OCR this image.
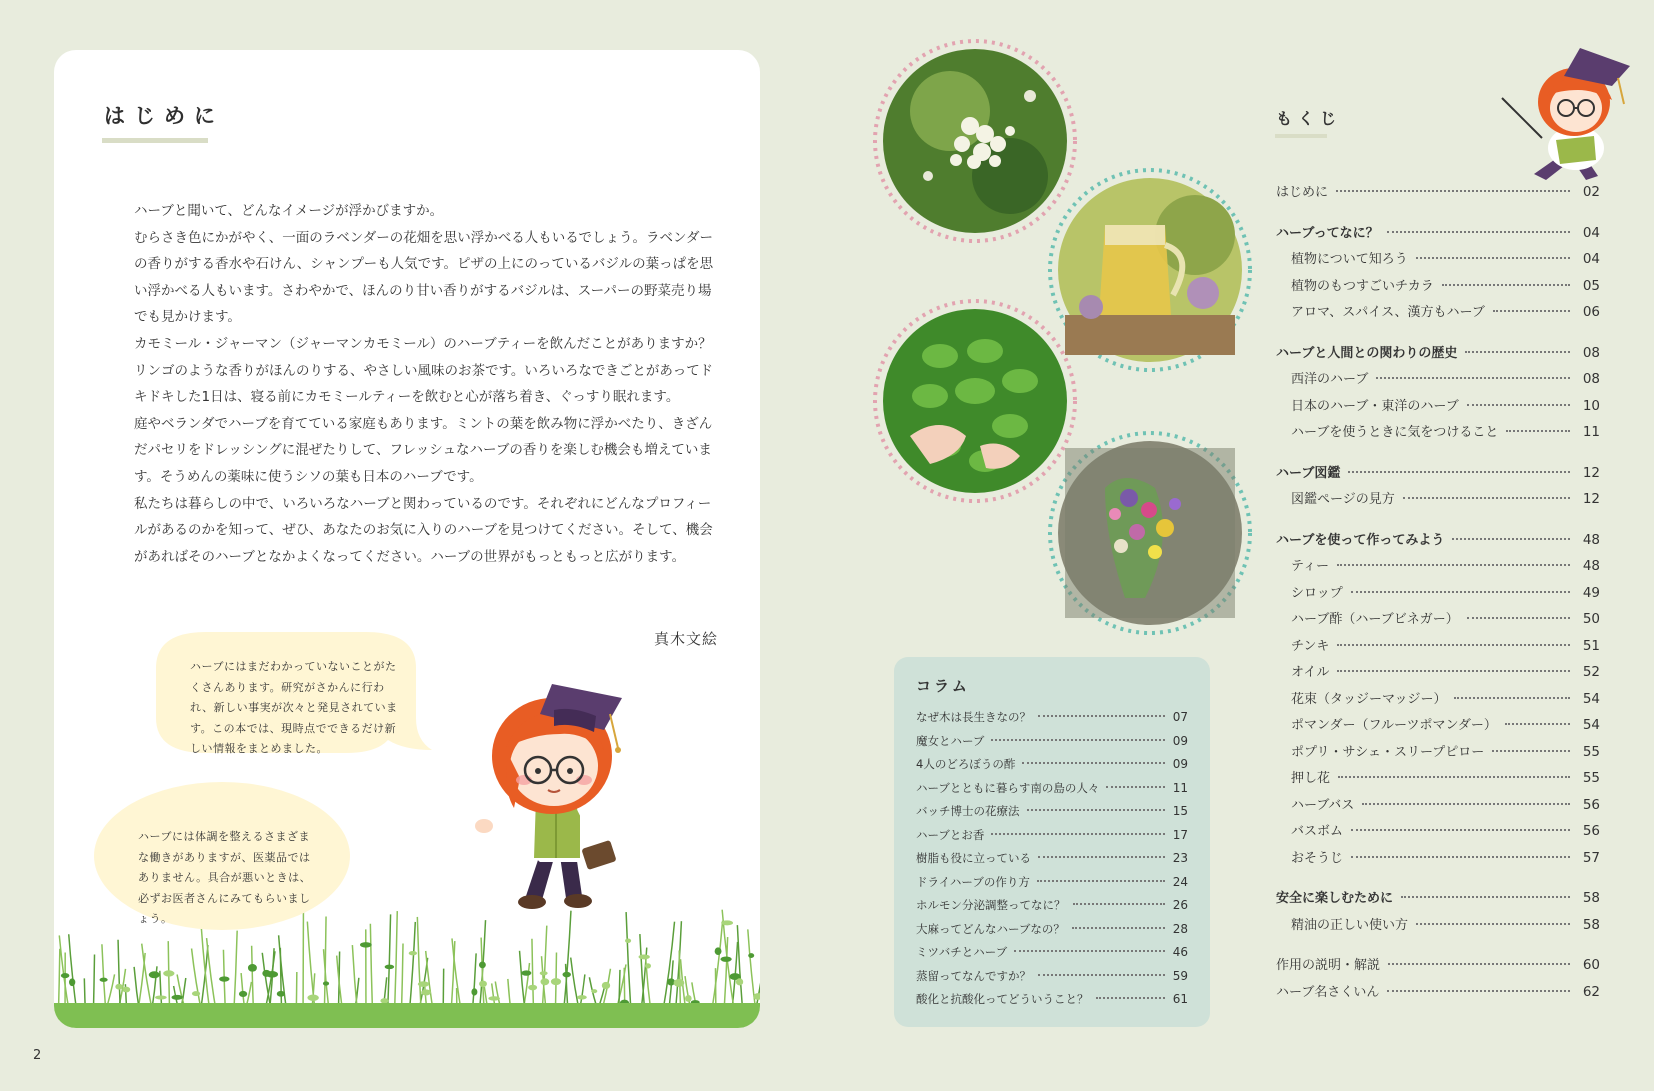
はじめに

ハーブと聞いて、どんなイメージが浮かびますか。

むらさき色にかがやく、一面のラベンダーの花畑を思い浮かべる人もいるでしょう。ラベンダーの香りがする香水や石けん、シャンプーも人気です。ピザの上にのっているバジルの葉っぱを思い浮かべる人もいます。さわやかで、ほんのり甘い香りがするバジルは、スーパーの野菜売り場でも見かけます。

カモミール・ジャーマン（ジャーマンカモミール）のハーブティーを飲んだことがありますか？ リンゴのような香りがほんのりする、やさしい風味のお茶です。いろいろなできごとがあってドキドキした1日は、寝る前にカモミールティーを飲むと心が落ち着き、ぐっすり眠れます。

庭やベランダでハーブを育てている家庭もあります。ミントの葉を飲み物に浮かべたり、きざんだパセリをドレッシングに混ぜたりして、フレッシュなハーブの香りを楽しむ機会も増えています。そうめんの薬味に使うシソの葉も日本のハーブです。

私たちは暮らしの中で、いろいろなハーブと関わっているのです。それぞれにどんなプロフィールがあるのかを知って、ぜひ、あなたのお気に入りのハーブを見つけてください。そして、機会があればそのハーブとなかよくなってください。ハーブの世界がもっともっと広がります。

真木文絵

ハーブにはまだわかっていないことがたくさんあります。研究がさかんに行われ、新しい事実が次々と発見されています。この本では、現時点でできるだけ新しい情報をまとめました。

ハーブには体調を整えるさまざまな働きがありますが、医薬品ではありません。具合が悪いときは、必ずお医者さんにみてもらいましょう。

2
コラム
なぜ木は長生きなの？	07
魔女とハーブ	09
4人のどろぼうの酢	09
ハーブとともに暮らす南の島の人々	11
バッチ博士の花療法	15
ハーブとお香	17
樹脂も役に立っている	23
ドライハーブの作り方	24
ホルモン分泌調整ってなに？	26
大麻ってどんなハーブなの？	28
ミツバチとハーブ	46
蒸留ってなんですか？	59
酸化と抗酸化ってどういうこと？	61
もくじ
はじめに	02
ハーブってなに？	04
植物について知ろう	04
植物のもつすごいチカラ	05
アロマ、スパイス、漢方もハーブ	06
ハーブと人間との関わりの歴史	08
西洋のハーブ	08
日本のハーブ・東洋のハーブ	10
ハーブを使うときに気をつけること	11
ハーブ図鑑	12
図鑑ページの見方	12
ハーブを使って作ってみよう	48
ティー	48
シロップ	49
ハーブ酢（ハーブビネガー）	50
チンキ	51
オイル	52
花束（タッジーマッジー）	54
ポマンダー（フルーツポマンダー）	54
ポプリ・サシェ・スリープピロー	55
押し花	55
ハーブバス	56
バスボム	56
おそうじ	57
安全に楽しむために	58
精油の正しい使い方	58
作用の説明・解説	60
ハーブ名さくいん	62
